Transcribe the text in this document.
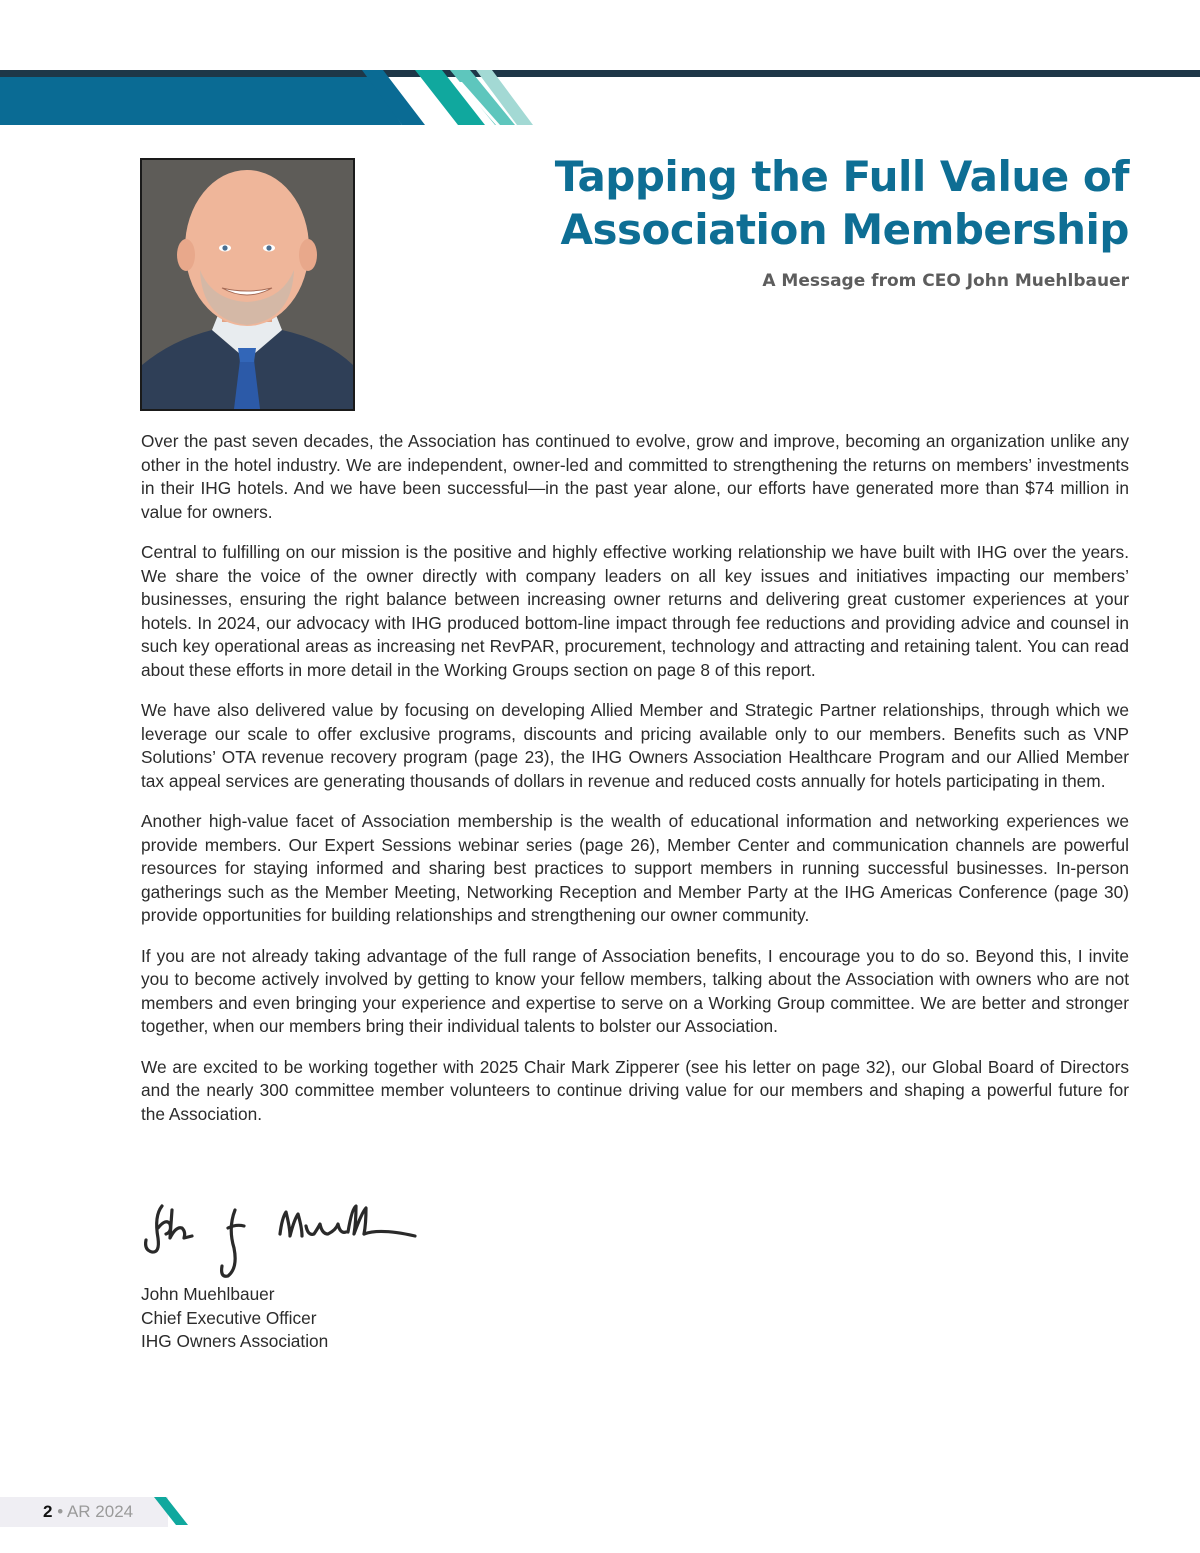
Tapping the Full Value of
Association Membership

A Message from CEO John Muehlbauer

Over the past seven decades, the Association has continued to evolve, grow and improve, becoming an organization unlike any other in the hotel industry. We are independent, owner-led and committed to strengthening the returns on members’ investments in their IHG hotels. And we have been successful—in the past year alone, our efforts have generated more than $74 million in value for owners.

Central to fulfilling on our mission is the positive and highly effective working relationship we have built with IHG over the years. We share the voice of the owner directly with company leaders on all key issues and initiatives impacting our members’ businesses, ensuring the right balance between increasing owner returns and delivering great customer experiences at your hotels. In 2024, our advocacy with IHG produced bottom-line impact through fee reductions and providing advice and counsel in such key operational areas as increasing net RevPAR, procurement, technology and attracting and retaining talent. You can read about these efforts in more detail in the Working Groups section on page 8 of this report.

We have also delivered value by focusing on developing Allied Member and Strategic Partner relationships, through which we leverage our scale to offer exclusive programs, discounts and pricing available only to our members. Benefits such as VNP Solutions’ OTA revenue recovery program (page 23), the IHG Owners Association Healthcare Program and our Allied Member tax appeal services are generating thousands of dollars in revenue and reduced costs annually for hotels participating in them.

Another high-value facet of Association membership is the wealth of educational information and networking experiences we provide members. Our Expert Sessions webinar series (page 26), Member Center and communication channels are powerful resources for staying informed and sharing best practices to support members in running successful businesses. In-person gatherings such as the Member Meeting, Networking Reception and Member Party at the IHG Americas Conference (page 30) provide opportunities for building relationships and strengthening our owner community.

If you are not already taking advantage of the full range of Association benefits, I encourage you to do so. Beyond this, I invite you to become actively involved by getting to know your fellow members, talking about the Association with owners who are not members and even bringing your experience and expertise to serve on a Working Group committee. We are better and stronger together, when our members bring their individual talents to bolster our Association.

We are excited to be working together with 2025 Chair Mark Zipperer (see his letter on page 32), our Global Board of Directors and the nearly 300 committee member volunteers to continue driving value for our members and shaping a powerful future for the Association.

John Muehlbauer
Chief Executive Officer
IHG Owners Association
2 • AR 2024
